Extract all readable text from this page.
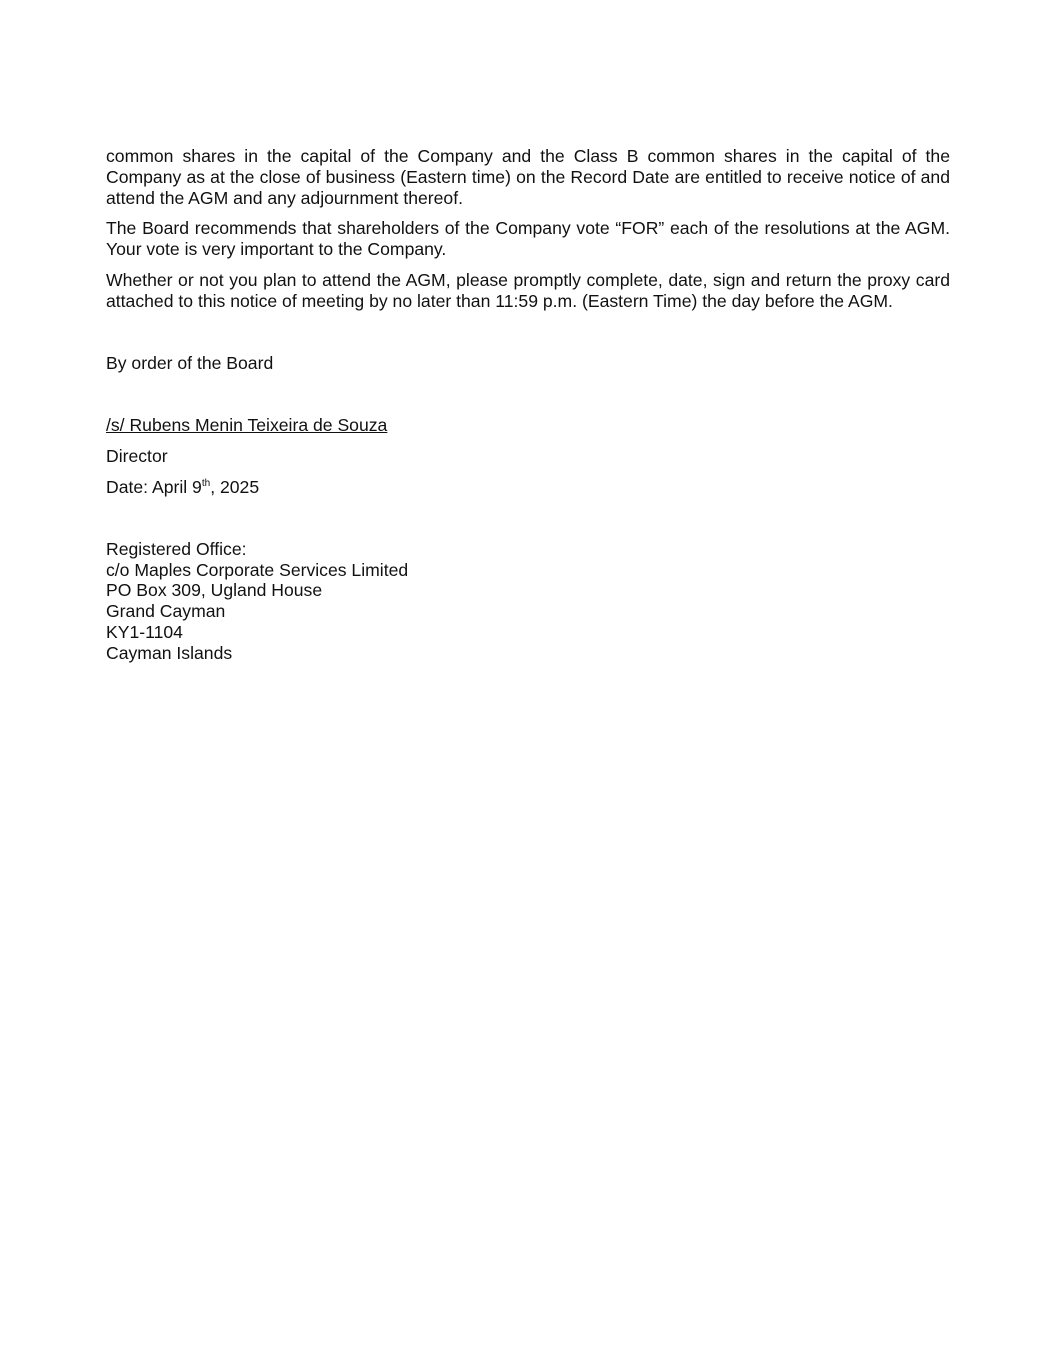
common shares in the capital of the Company and the Class B common shares in the capital of the Company as at the close of business (Eastern time) on the Record Date are entitled to receive notice of and attend the AGM and any adjournment thereof.

The Board recommends that shareholders of the Company vote “FOR” each of the resolutions at the AGM. Your vote is very important to the Company.

Whether or not you plan to attend the AGM, please promptly complete, date, sign and return the proxy card attached to this notice of meeting by no later than 11:59 p.m. (Eastern Time) the day before the AGM.

By order of the Board

/s/ Rubens Menin Teixeira de Souza

Director

Date: April 9th, 2025

Registered Office:

c/o Maples Corporate Services Limited

PO Box 309, Ugland House

Grand Cayman

KY1-1104

Cayman Islands
